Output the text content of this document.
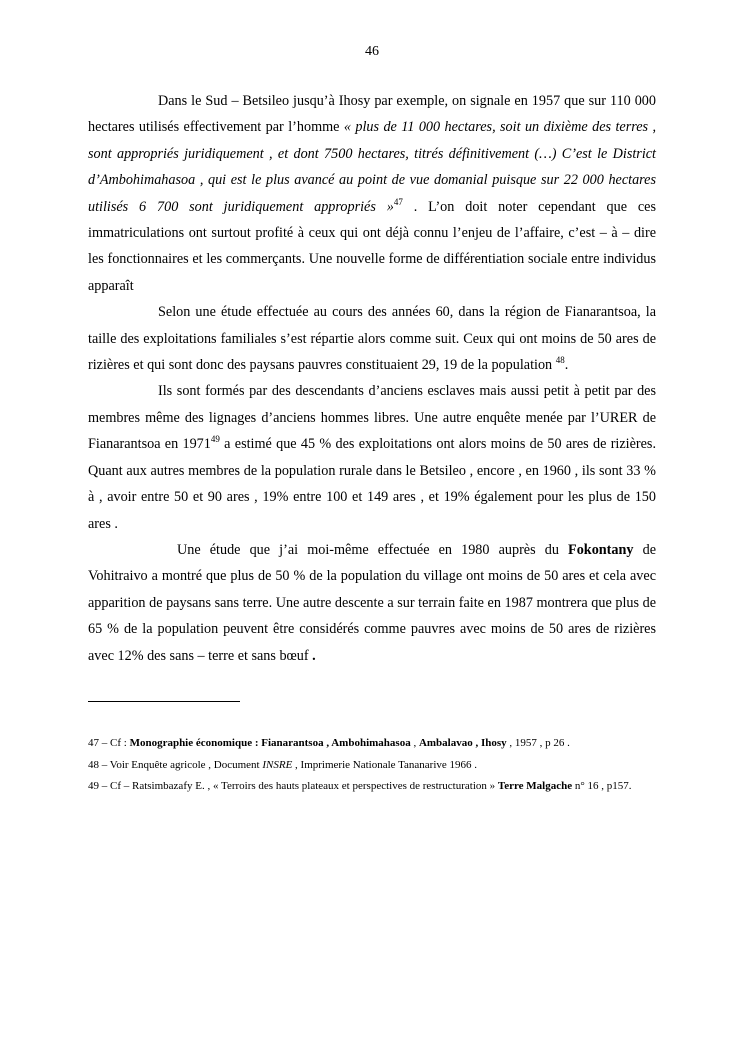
46

Dans le Sud – Betsileo jusqu’à Ihosy par exemple, on signale en 1957 que sur 110 000 hectares utilisés effectivement par l’homme « plus de 11 000 hectares, soit un dixième des terres , sont appropriés juridiquement , et dont 7500 hectares, titrés définitivement (…) C’est le District d’Ambohimahasoa , qui est le plus avancé au point de vue domanial puisque sur 22 000 hectares utilisés 6 700 sont juridiquement appropriés »$^{47}$ . L’on doit noter cependant que ces immatriculations ont surtout profité à ceux qui ont déjà connu l’enjeu de l’affaire, c’est – à – dire les fonctionnaires et les commerçants. Une nouvelle forme de différentiation sociale entre individus apparaît

Selon une étude effectuée au cours des années 60, dans la région de Fianarantsoa, la taille des exploitations familiales s’est répartie alors comme suit. Ceux qui ont moins de 50 ares de rizières et qui sont donc des paysans pauvres constituaient 29, 19 de la population $^{48}$.

Ils sont formés par des descendants d’anciens esclaves mais aussi petit à petit par des membres même des lignages d’anciens hommes libres. Une autre enquête menée par l’URER de Fianarantsoa en 1971$^{49}$ a estimé que 45 % des exploitations ont alors moins de 50 ares de rizières. Quant aux autres membres de la population rurale dans le Betsileo , encore , en 1960 , ils sont 33 % à , avoir entre 50 et 90 ares , 19% entre 100 et 149 ares , et 19% également pour les plus de 150 ares .

Une étude que j’ai moi-même effectuée en 1980 auprès du Fokontany de Vohitraivo a montré que plus de 50 % de la population du village ont moins de 50 ares et cela avec apparition de paysans sans terre. Une autre descente a sur terrain faite en 1987 montrera que plus de 65 % de la population peuvent être considérés comme pauvres avec moins de 50 ares de rizières avec 12% des sans – terre et sans bœuf .

47 – Cf : Monographie économique : Fianarantsoa , Ambohimahasoa , Ambalavao , Ihosy , 1957 , p 26 .

48 – Voir Enquête agricole , Document INSRE , Imprimerie Nationale Tananarive 1966 .

49 – Cf – Ratsimbazafy E. , « Terroirs des hauts plateaux et perspectives de restructuration » Terre Malgache n° 16 , p157.
